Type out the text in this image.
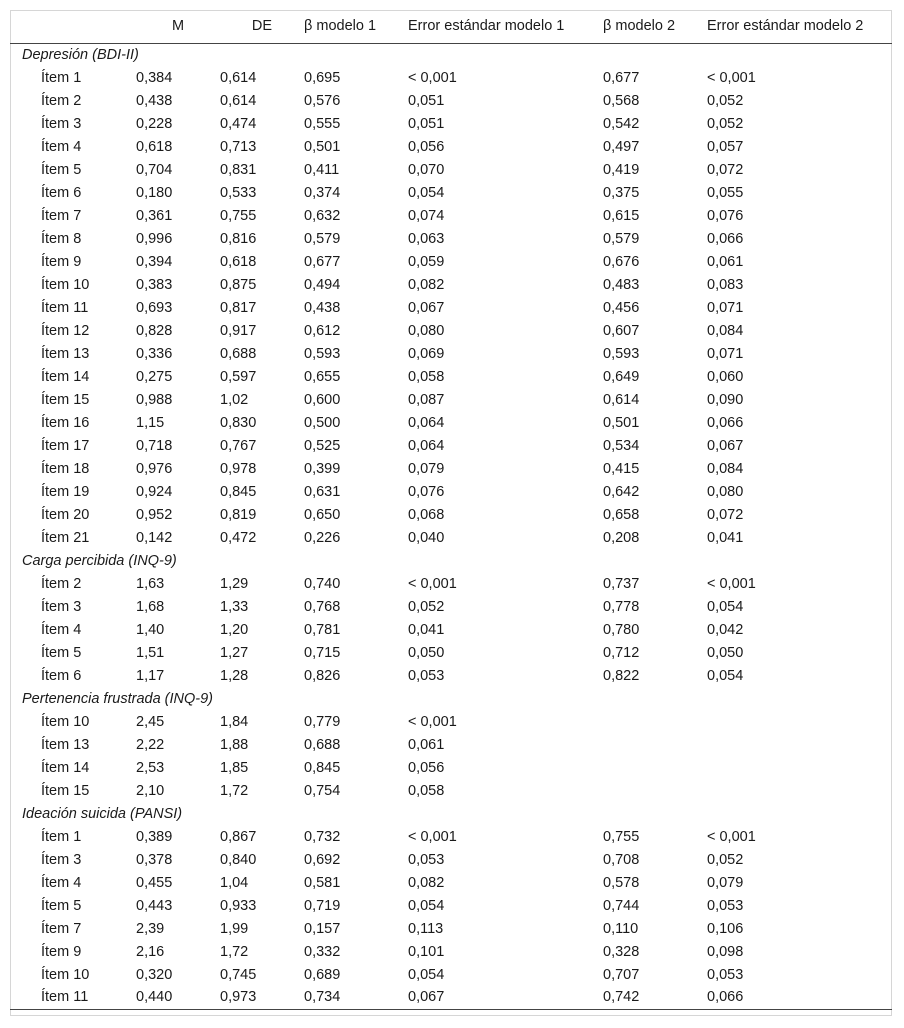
	M	DE	β modelo 1	Error estándar modelo 1	β modelo 2	Error estándar modelo 2
Depresión (BDI-II)						
Ítem 1	0,384	0,614	0,695	< 0,001	0,677	< 0,001
Ítem 2	0,438	0,614	0,576	0,051	0,568	0,052
Ítem 3	0,228	0,474	0,555	0,051	0,542	0,052
Ítem 4	0,618	0,713	0,501	0,056	0,497	0,057
Ítem 5	0,704	0,831	0,411	0,070	0,419	0,072
Ítem 6	0,180	0,533	0,374	0,054	0,375	0,055
Ítem 7	0,361	0,755	0,632	0,074	0,615	0,076
Ítem 8	0,996	0,816	0,579	0,063	0,579	0,066
Ítem 9	0,394	0,618	0,677	0,059	0,676	0,061
Ítem 10	0,383	0,875	0,494	0,082	0,483	0,083
Ítem 11	0,693	0,817	0,438	0,067	0,456	0,071
Ítem 12	0,828	0,917	0,612	0,080	0,607	0,084
Ítem 13	0,336	0,688	0,593	0,069	0,593	0,071
Ítem 14	0,275	0,597	0,655	0,058	0,649	0,060
Ítem 15	0,988	1,02	0,600	0,087	0,614	0,090
Ítem 16	1,15	0,830	0,500	0,064	0,501	0,066
Ítem 17	0,718	0,767	0,525	0,064	0,534	0,067
Ítem 18	0,976	0,978	0,399	0,079	0,415	0,084
Ítem 19	0,924	0,845	0,631	0,076	0,642	0,080
Ítem 20	0,952	0,819	0,650	0,068	0,658	0,072
Ítem 21	0,142	0,472	0,226	0,040	0,208	0,041
Carga percibida (INQ-9)						
Ítem 2	1,63	1,29	0,740	< 0,001	0,737	< 0,001
Ítem 3	1,68	1,33	0,768	0,052	0,778	0,054
Ítem 4	1,40	1,20	0,781	0,041	0,780	0,042
Ítem 5	1,51	1,27	0,715	0,050	0,712	0,050
Ítem 6	1,17	1,28	0,826	0,053	0,822	0,054
Pertenencia frustrada (INQ-9)						
Ítem 10	2,45	1,84	0,779	< 0,001		
Ítem 13	2,22	1,88	0,688	0,061		
Ítem 14	2,53	1,85	0,845	0,056		
Ítem 15	2,10	1,72	0,754	0,058		
Ideación suicida (PANSI)						
Ítem 1	0,389	0,867	0,732	< 0,001	0,755	< 0,001
Ítem 3	0,378	0,840	0,692	0,053	0,708	0,052
Ítem 4	0,455	1,04	0,581	0,082	0,578	0,079
Ítem 5	0,443	0,933	0,719	0,054	0,744	0,053
Ítem 7	2,39	1,99	0,157	0,113	0,110	0,106
Ítem 9	2,16	1,72	0,332	0,101	0,328	0,098
Ítem 10	0,320	0,745	0,689	0,054	0,707	0,053
Ítem 11	0,440	0,973	0,734	0,067	0,742	0,066
